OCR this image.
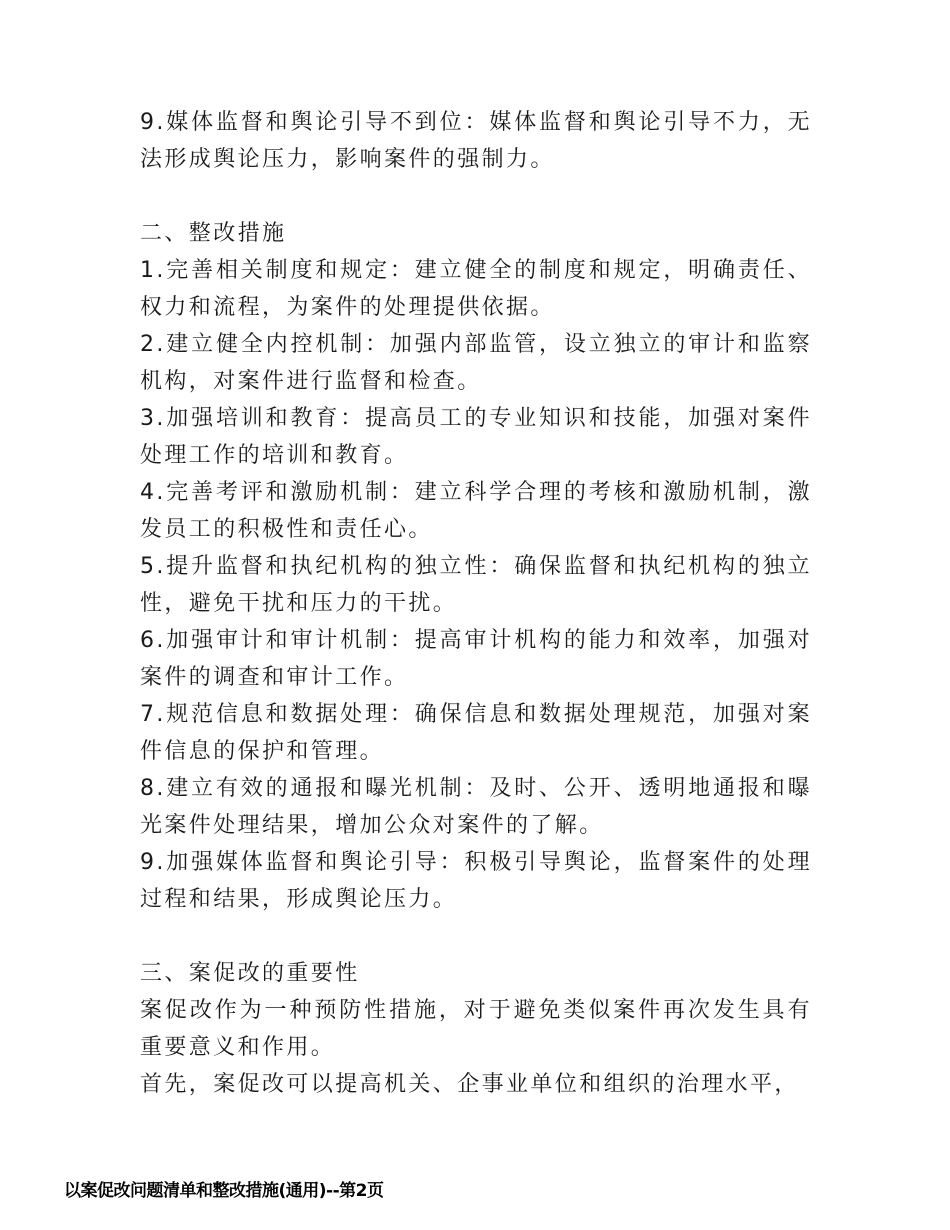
9.媒体监督和舆论引导不到位：媒体监督和舆论引导不力，无法形成舆论压力，影响案件的强制力。

二、整改措施

1.完善相关制度和规定：建立健全的制度和规定，明确责任、权力和流程，为案件的处理提供依据。

2.建立健全内控机制：加强内部监管，设立独立的审计和监察机构，对案件进行监督和检查。

3.加强培训和教育：提高员工的专业知识和技能，加强对案件处理工作的培训和教育。

4.完善考评和激励机制：建立科学合理的考核和激励机制，激发员工的积极性和责任心。

5.提升监督和执纪机构的独立性：确保监督和执纪机构的独立性，避免干扰和压力的干扰。

6.加强审计和审计机制：提高审计机构的能力和效率，加强对案件的调查和审计工作。

7.规范信息和数据处理：确保信息和数据处理规范，加强对案件信息的保护和管理。

8.建立有效的通报和曝光机制：及时、公开、透明地通报和曝光案件处理结果，增加公众对案件的了解。

9.加强媒体监督和舆论引导：积极引导舆论，监督案件的处理过程和结果，形成舆论压力。

三、案促改的重要性

案促改作为一种预防性措施，对于避免类似案件再次发生具有重要意义和作用。

首先，案促改可以提高机关、企事业单位和组织的治理水平，

以案促改问题清单和整改措施(通用)--第2页
